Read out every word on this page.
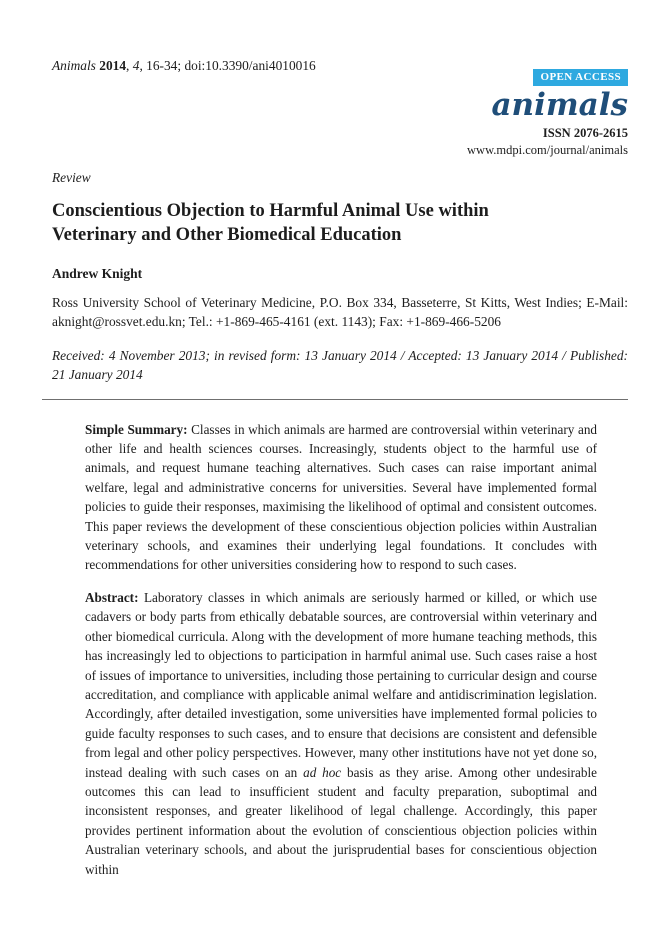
Animals 2014, 4, 16-34; doi:10.3390/ani4010016
OPEN ACCESS
animals
ISSN 2076-2615
www.mdpi.com/journal/animals
Review
Conscientious Objection to Harmful Animal Use within
Veterinary and Other Biomedical Education
Andrew Knight

Ross University School of Veterinary Medicine, P.O. Box 334, Basseterre, St Kitts, West Indies; E-Mail: aknight@rossvet.edu.kn; Tel.: +1-869-465-4161 (ext. 1143); Fax: +1-869-466-5206

Received: 4 November 2013; in revised form: 13 January 2014 / Accepted: 13 January 2014 / Published: 21 January 2014

Simple Summary: Classes in which animals are harmed are controversial within veterinary and other life and health sciences courses. Increasingly, students object to the harmful use of animals, and request humane teaching alternatives. Such cases can raise important animal welfare, legal and administrative concerns for universities. Several have implemented formal policies to guide their responses, maximising the likelihood of optimal and consistent outcomes. This paper reviews the development of these conscientious objection policies within Australian veterinary schools, and examines their underlying legal foundations. It concludes with recommendations for other universities considering how to respond to such cases.

Abstract: Laboratory classes in which animals are seriously harmed or killed, or which use cadavers or body parts from ethically debatable sources, are controversial within veterinary and other biomedical curricula. Along with the development of more humane teaching methods, this has increasingly led to objections to participation in harmful animal use. Such cases raise a host of issues of importance to universities, including those pertaining to curricular design and course accreditation, and compliance with applicable animal welfare and antidiscrimination legislation. Accordingly, after detailed investigation, some universities have implemented formal policies to guide faculty responses to such cases, and to ensure that decisions are consistent and defensible from legal and other policy perspectives. However, many other institutions have not yet done so, instead dealing with such cases on an ad hoc basis as they arise. Among other undesirable outcomes this can lead to insufficient student and faculty preparation, suboptimal and inconsistent responses, and greater likelihood of legal challenge. Accordingly, this paper provides pertinent information about the evolution of conscientious objection policies within Australian veterinary schools, and about the jurisprudential bases for conscientious objection within
